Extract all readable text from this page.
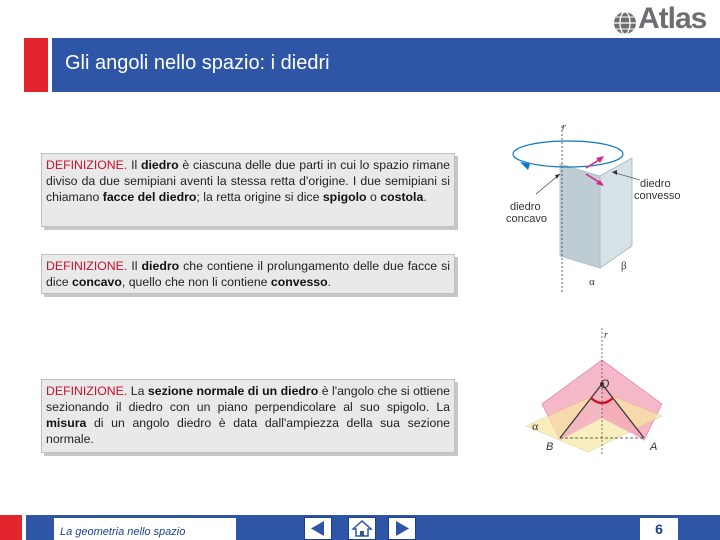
Atlas
Gli angoli nello spazio: i diedri
DEFINIZIONE. Il diedro è ciascuna delle due parti in cui lo spazio rimane diviso da due semipiani aventi la stessa retta d'origine. I due semipiani si chiamano facce del diedro; la retta origine si dice spigolo o costola.
DEFINIZIONE. Il diedro che contiene il prolungamento delle due facce si dice concavo, quello che non li contiene convesso.
DEFINIZIONE. La sezione normale di un diedro è l'angolo che si ottiene sezionando il diedro con un piano perpendicolare al suo spigolo. La misura di un angolo diedro è data dall'ampiezza della sua sezione normale.
r
diedro
concavo
diedro
convesso
β
α
r
O
α
B	A
La geometria nello spazio	6
